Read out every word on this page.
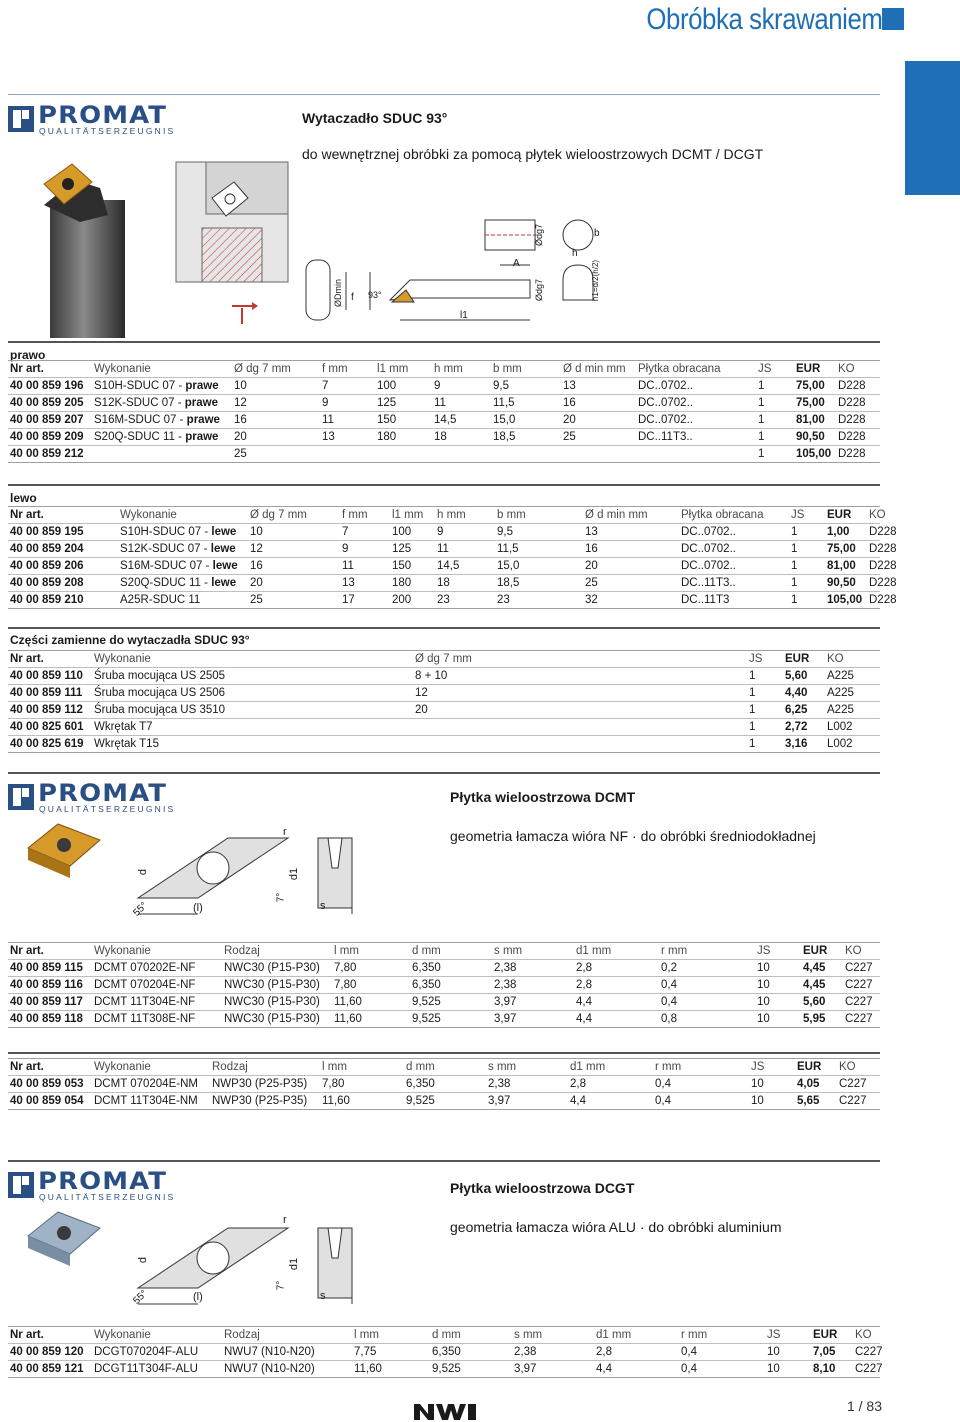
Obróbka skrawaniem
PROMAT
QUALITÄTSERZEUGNIS
Wytaczadło SDUC 93°
do wewnętrznej obróbki za pomocą płytek wieloostrzowych DCMT / DCGT
ØDmin f 93°
l1
Ødg7
Ødg7
A
h
b
h1=d/2(h/2)
prawo
Nr art.	Wykonanie	Ø dg 7 mm	f mm	l1 mm	h mm	b mm	Ø d min mm	Płytka obracana	JS	EUR	KO
40 00 859 196	S10H-SDUC 07 - prawe	10	7	100	9	9,5	13	DC..0702..	1	75,00	D228
40 00 859 205	S12K-SDUC 07 - prawe	12	9	125	11	11,5	16	DC..0702..	1	75,00	D228
40 00 859 207	S16M-SDUC 07 - prawe	16	11	150	14,5	15,0	20	DC..0702..	1	81,00	D228
40 00 859 209	S20Q-SDUC 11 - prawe	20	13	180	18	18,5	25	DC..11T3..	1	90,50	D228
40 00 859 212		25							1	105,00	D228
lewo
Nr art.	Wykonanie	Ø dg 7 mm	f mm	l1 mm	h mm	b mm	Ø d min mm	Płytka obracana	JS	EUR	KO
40 00 859 195	S10H-SDUC 07 - lewe	10	7	100	9	9,5	13	DC..0702..	1	1,00	D228
40 00 859 204	S12K-SDUC 07 - lewe	12	9	125	11	11,5	16	DC..0702..	1	75,00	D228
40 00 859 206	S16M-SDUC 07 - lewe	16	11	150	14,5	15,0	20	DC..0702..	1	81,00	D228
40 00 859 208	S20Q-SDUC 11 - lewe	20	13	180	18	18,5	25	DC..11T3..	1	90,50	D228
40 00 859 210	A25R-SDUC 11	25	17	200	23	23	32	DC..11T3	1	105,00	D228
Części zamienne do wytaczadła SDUC 93°
Nr art.	Wykonanie	Ø dg 7 mm	JS	EUR	KO
40 00 859 110	Śruba mocująca US 2505	8 + 10	1	5,60	A225
40 00 859 111	Śruba mocująca US 2506	12	1	4,40	A225
40 00 859 112	Śruba mocująca US 3510	20	1	6,25	A225
40 00 825 601	Wkrętak T7		1	2,72	L002
40 00 825 619	Wkrętak T15		1	3,16	L002
PROMAT
QUALITÄTSERZEUGNIS
Płytka wieloostrzowa DCMT
geometria łamacza wióra NF · do obróbki średniodokładnej
r
d	d1
(l)
55°
7°
s
Nr art.	Wykonanie	Rodzaj	l mm	d mm	s mm	d1 mm	r mm	JS	EUR	KO
40 00 859 115	DCMT 070202E-NF	NWC30 (P15-P30)	7,80	6,350	2,38	2,8	0,2	10	4,45	C227
40 00 859 116	DCMT 070204E-NF	NWC30 (P15-P30)	7,80	6,350	2,38	2,8	0,4	10	4,45	C227
40 00 859 117	DCMT 11T304E-NF	NWC30 (P15-P30)	11,60	9,525	3,97	4,4	0,4	10	5,60	C227
40 00 859 118	DCMT 11T308E-NF	NWC30 (P15-P30)	11,60	9,525	3,97	4,4	0,8	10	5,95	C227
Nr art.	Wykonanie	Rodzaj	l mm	d mm	s mm	d1 mm	r mm	JS	EUR	KO
40 00 859 053	DCMT 070204E-NM	NWP30 (P25-P35)	7,80	6,350	2,38	2,8	0,4	10	4,05	C227
40 00 859 054	DCMT 11T304E-NM	NWP30 (P25-P35)	11,60	9,525	3,97	4,4	0,4	10	5,65	C227
PROMAT
QUALITÄTSERZEUGNIS
Płytka wieloostrzowa DCGT
geometria łamacza wióra ALU · do obróbki aluminium
r
d	d1
(l)
55°
7°
s
Nr art.	Wykonanie	Rodzaj	l mm	d mm	s mm	d1 mm	r mm	JS	EUR	KO
40 00 859 120	DCGT070204F-ALU	NWU7 (N10-N20)	7,75	6,350	2,38	2,8	0,4	10	7,05	C227
40 00 859 121	DCGT11T304F-ALU	NWU7 (N10-N20)	11,60	9,525	3,97	4,4	0,4	10	8,10	C227
1 / 83
